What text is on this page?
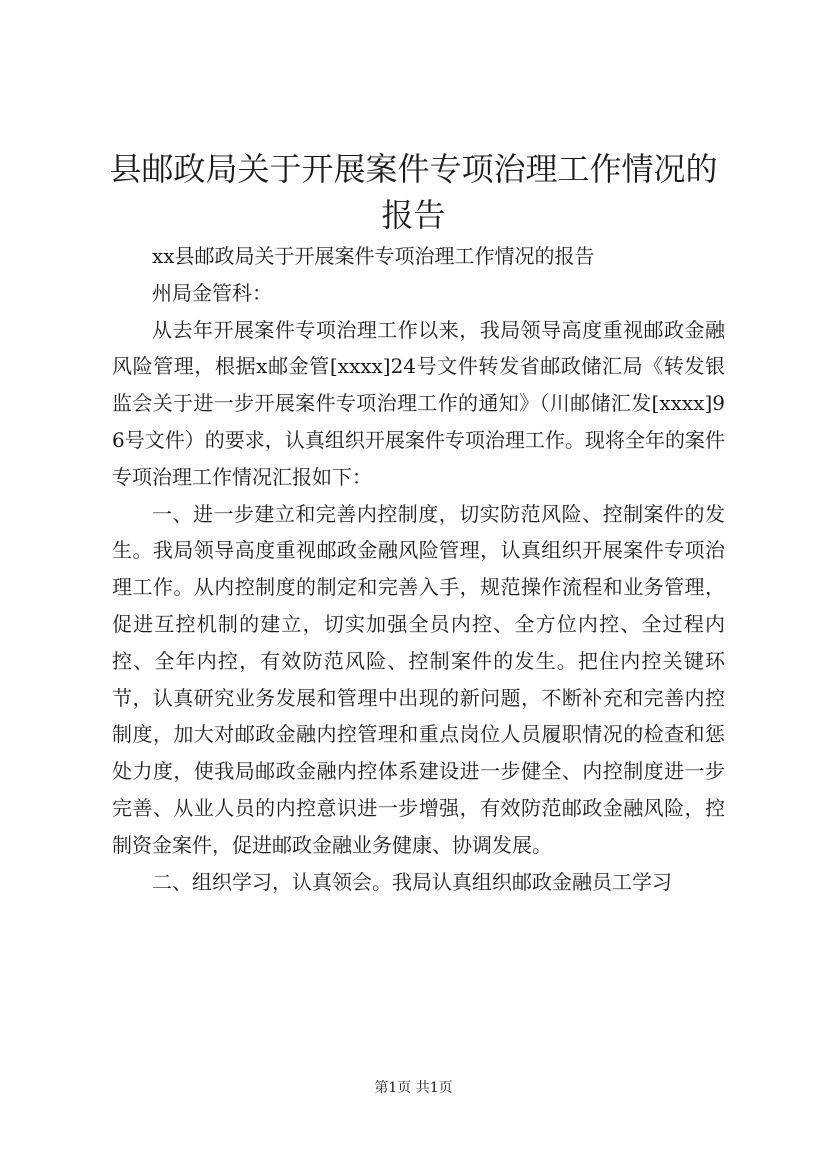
县邮政局关于开展案件专项治理工作情况的报告

xx县邮政局关于开展案件专项治理工作情况的报告

州局金管科：

从去年开展案件专项治理工作以来，我局领导高度重视邮政金融风险管理，根据x邮金管[xxxx]24号文件转发省邮政储汇局《转发银监会关于进一步开展案件专项治理工作的通知》（川邮储汇发[xxxx]96号文件）的要求，认真组织开展案件专项治理工作。现将全年的案件专项治理工作情况汇报如下：

一、进一步建立和完善内控制度，切实防范风险、控制案件的发生。我局领导高度重视邮政金融风险管理，认真组织开展案件专项治理工作。从内控制度的制定和完善入手，规范操作流程和业务管理，促进互控机制的建立，切实加强全员内控、全方位内控、全过程内控、全年内控，有效防范风险、控制案件的发生。把住内控关键环节，认真研究业务发展和管理中出现的新问题，不断补充和完善内控制度，加大对邮政金融内控管理和重点岗位人员履职情况的检查和惩处力度，使我局邮政金融内控体系建设进一步健全、内控制度进一步完善、从业人员的内控意识进一步增强，有效防范邮政金融风险，控制资金案件，促进邮政金融业务健康、协调发展。

二、组织学习，认真领会。我局认真组织邮政金融员工学习

第1页 共1页
